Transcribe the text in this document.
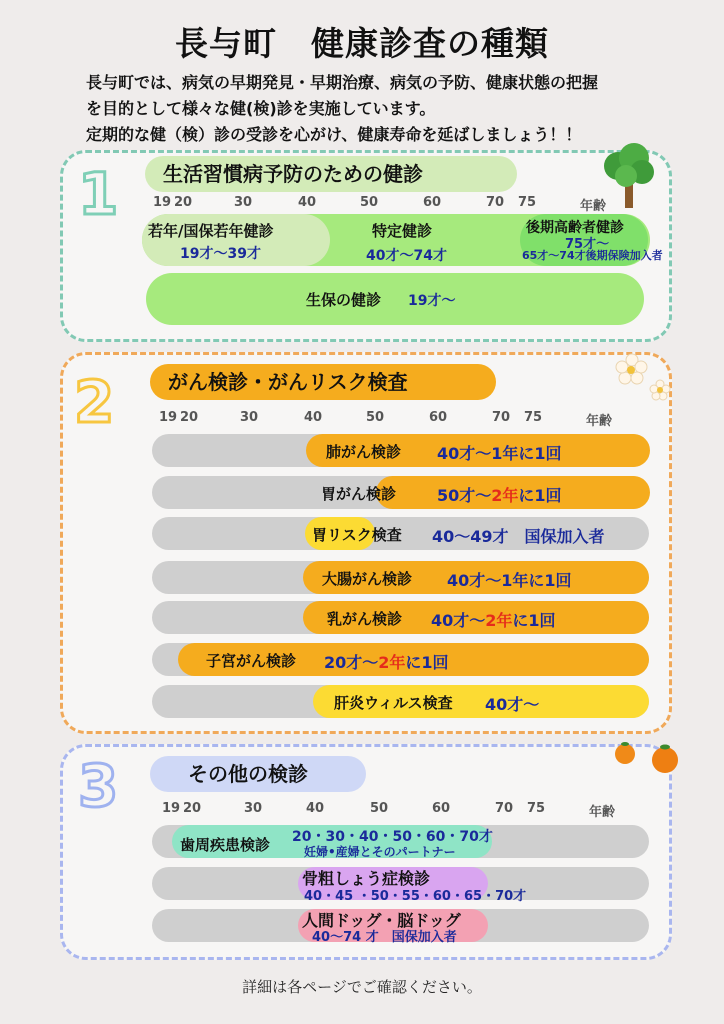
長与町　健康診査の種類
長与町では、病気の早期発見・早期治療、病気の予防、健康状態の把握
を目的として様々な健(検)診を実施しています。
定期的な健（検）診の受診を心がけ、健康寿命を延ばしましょう！！
1	生活習慣病予防のための健診
19 20	30	40	50	60	70 75	年齢
若年/国保若年健診
19才～39才
特定健診
40才～74才
後期高齢者健診
75才～
65才～74才後期保険加入者
生保の健診 19才～
2	がん検診・がんリスク検査
19 20	30	40	50	60	70 75	年齢
肺がん検診 40才～1年に1回
胃がん検診	50才～2年に1回
胃リスク検査 40～49才　国保加入者
大腸がん検診 40才～1年に1回
乳がん検診 40才～2年に1回
子宮がん検診 20才～2年に1回
肝炎ウィルス検査 40才～
3	その他の検診
19 20	30	40	50	60	70 75	年齢
歯周疾患検診 20・30・40・50・60・70才
妊婦•産婦とそのパートナー
骨粗しょう症検診
40・45 ・50・55・60・65・70才
人間ドッグ・脳ドッグ
40～74 才　国保加入者
詳細は各ページでご確認ください。
